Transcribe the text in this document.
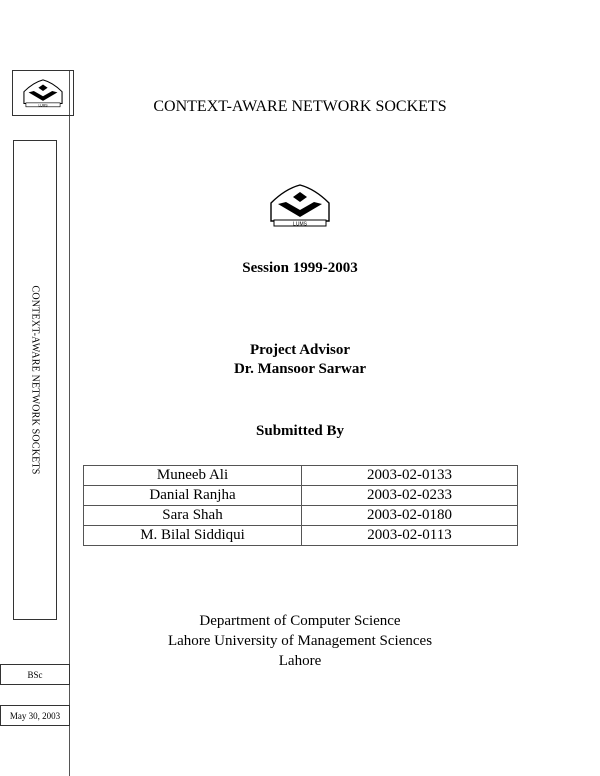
LUMS
CONTEXT-AWARE NETWORK SOCKETS
BSc
May 30, 2003
CONTEXT-AWARE NETWORK SOCKETS
LUMS
Session 1999-2003
Project Advisor
Dr. Mansoor Sarwar
Submitted By
Muneeb Ali	2003-02-0133
Danial Ranjha	2003-02-0233
Sara Shah	2003-02-0180
M. Bilal Siddiqui	2003-02-0113
Department of Computer Science
Lahore University of Management Sciences
Lahore
